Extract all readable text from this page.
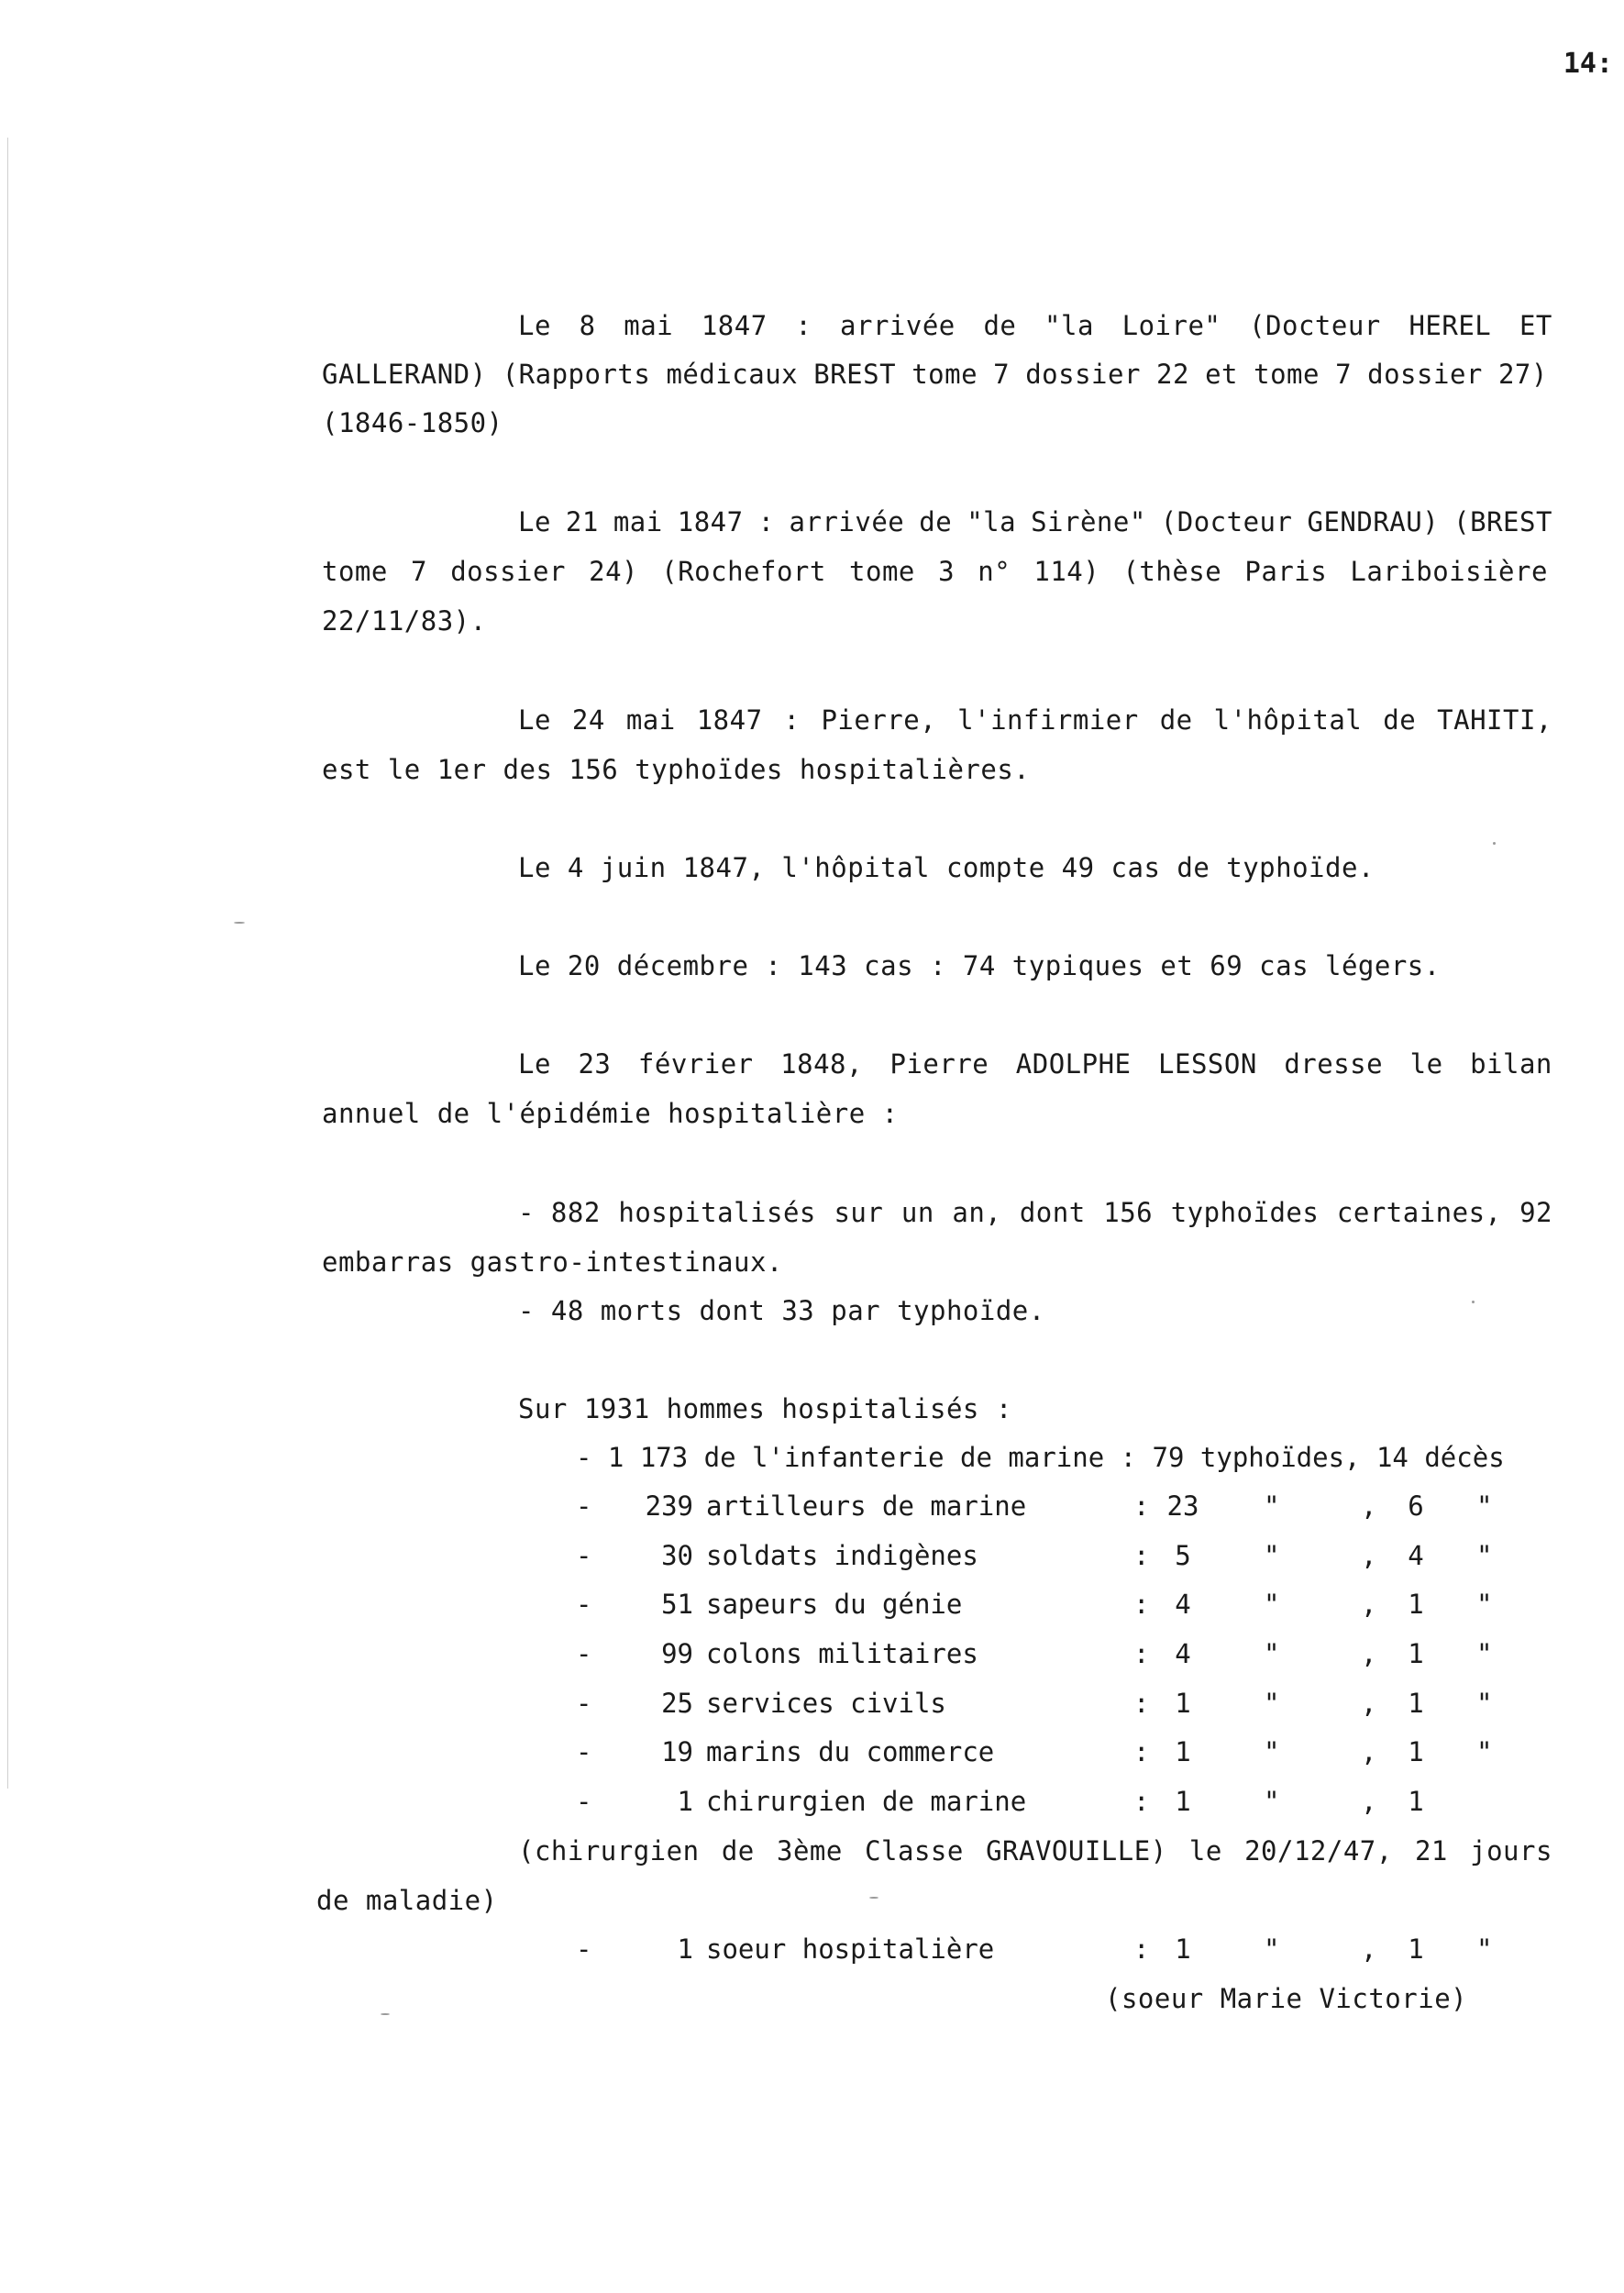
14:
Le 8 mai 1847 : arrivée de "la Loire" (Docteur HEREL ET
GALLERAND) (Rapports médicaux BREST tome 7 dossier 22 et tome 7 dossier 27)
(1846-1850)
Le 21 mai 1847 : arrivée de "la Sirène" (Docteur GENDRAU) (BREST
tome 7 dossier 24) (Rochefort tome 3 n° 114) (thèse Paris Lariboisière
22/11/83).
Le 24 mai 1847 : Pierre, l'infirmier de l'hôpital de TAHITI,
est le 1er des 156 typhoïdes hospitalières.
Le 4 juin 1847, l'hôpital compte 49 cas de typhoïde.
Le 20 décembre : 143 cas : 74 typiques et 69 cas légers.
Le 23 février 1848, Pierre ADOLPHE LESSON dresse le bilan
annuel de l'épidémie hospitalière :
- 882 hospitalisés sur un an, dont 156 typhoïdes certaines, 92
embarras gastro-intestinaux.
- 48 morts dont 33 par typhoïde.
Sur 1931 hommes hospitalisés :
- 1 173 de l'infanterie de marine : 79 typhoïdes, 14 décès
-	239 artilleurs de marine	: 23 "	,	6	"
-	30 soldats indigènes	: 5	"	,	4	"
-	51 sapeurs du génie	: 4	"	,	1	"
-	99 colons militaires	: 4	"	,	1	"
-	25 services civils	: 1	"	,	1	"
-	19 marins du commerce	: 1	"	,	1	"
-	1 chirurgien de marine	: 1	"	,	1
(chirurgien de 3ème Classe GRAVOUILLE) le 20/12/47, 21 jours
de maladie)
-	1 soeur hospitalière	: 1	"	,	1	"
(soeur Marie Victorie)
